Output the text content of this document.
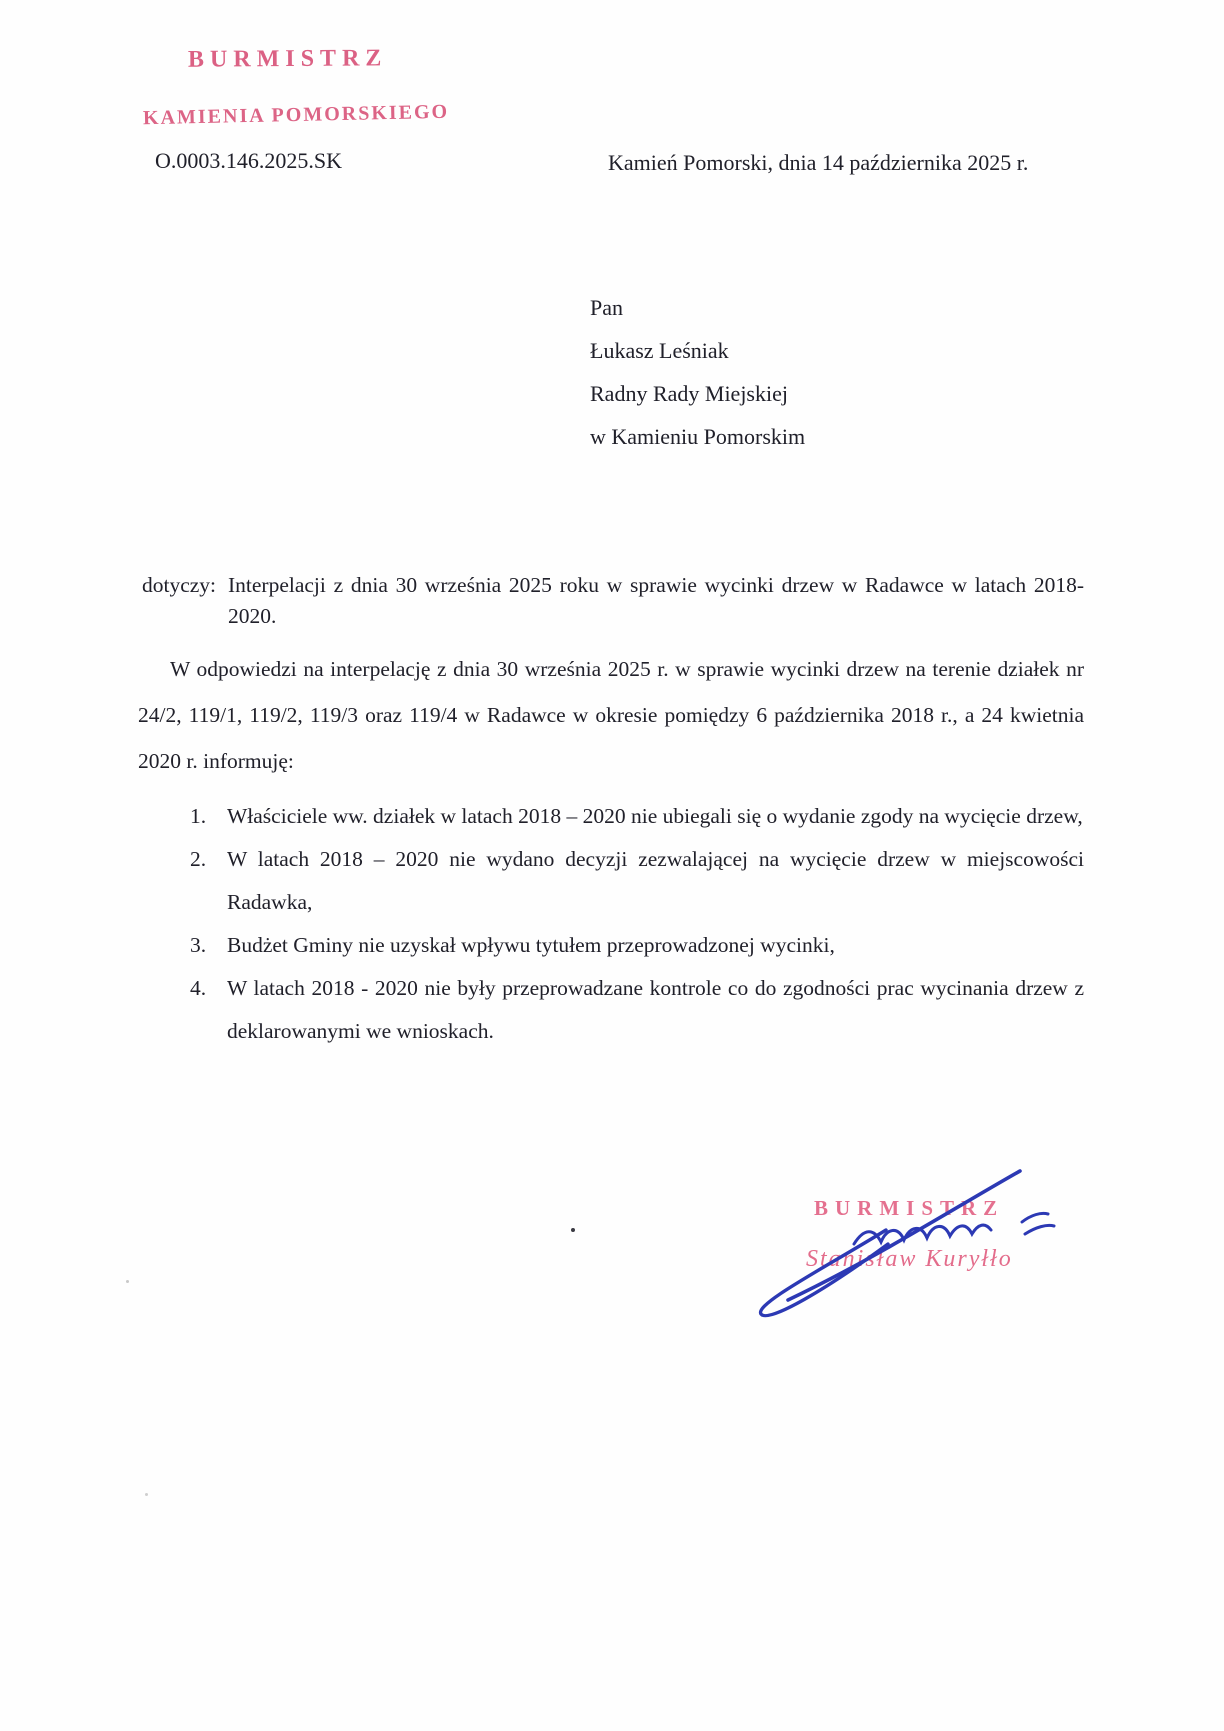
BURMISTRZ
KAMIENIA POMORSKIEGO
O.0003.146.2025.SK	Kamień Pomorski, dnia 14 października 2025 r.
Pan
Łukasz Leśniak
Radny Rady Miejskiej
w Kamieniu Pomorskim
dotyczy: Interpelacji z dnia 30 września 2025 roku w sprawie wycinki drzew w Radawce w latach 2018-2020.
W odpowiedzi na interpelację z dnia 30 września 2025 r. w sprawie wycinki drzew na terenie działek nr 24/2, 119/1, 119/2, 119/3 oraz 119/4 w Radawce w okresie pomiędzy 6 października 2018 r., a 24 kwietnia 2020 r. informuję:
1. Właściciele ww. działek w latach 2018 – 2020 nie ubiegali się o wydanie zgody na wycięcie drzew,
2. W latach 2018 – 2020 nie wydano decyzji zezwalającej na wycięcie drzew w miejscowości Radawka,
3. Budżet Gminy nie uzyskał wpływu tytułem przeprowadzonej wycinki,
4. W latach 2018 - 2020 nie były przeprowadzane kontrole co do zgodności prac wycinania drzew z deklarowanymi we wnioskach.
BURMISTRZ
Stanisław Kuryłło
